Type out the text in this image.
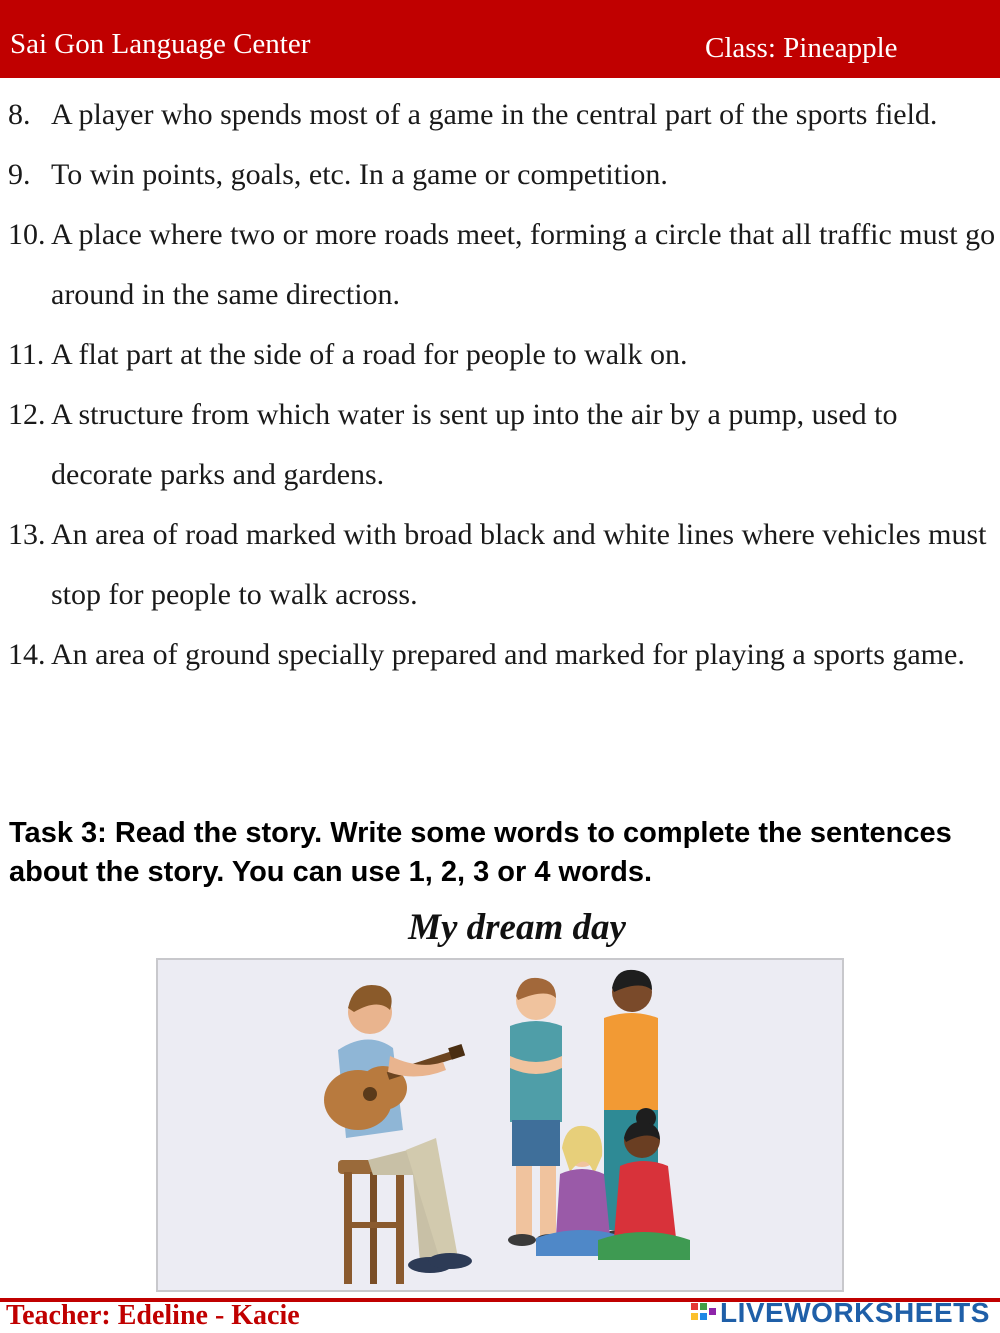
Sai Gon Language Center	Class: Pineapple
8. A player who spends most of a game in the central part of the sports field.
9. To win points, goals, etc. In a game or competition.
10. A place where two or more roads meet, forming a circle that all traffic must go around in the same direction.
11. A flat part at the side of a road for people to walk on.
12. A structure from which water is sent up into the air by a pump, used to decorate parks and gardens.
13. An area of road marked with broad black and white lines where vehicles must stop for people to walk across.
14. An area of ground specially prepared and marked for playing a sports game.
Task 3: Read the story. Write some words to complete the sentences about the story. You can use 1, 2, 3 or 4 words.
My dream day
Teacher: Edeline - Kacie	LIVEWORKSHEETS
